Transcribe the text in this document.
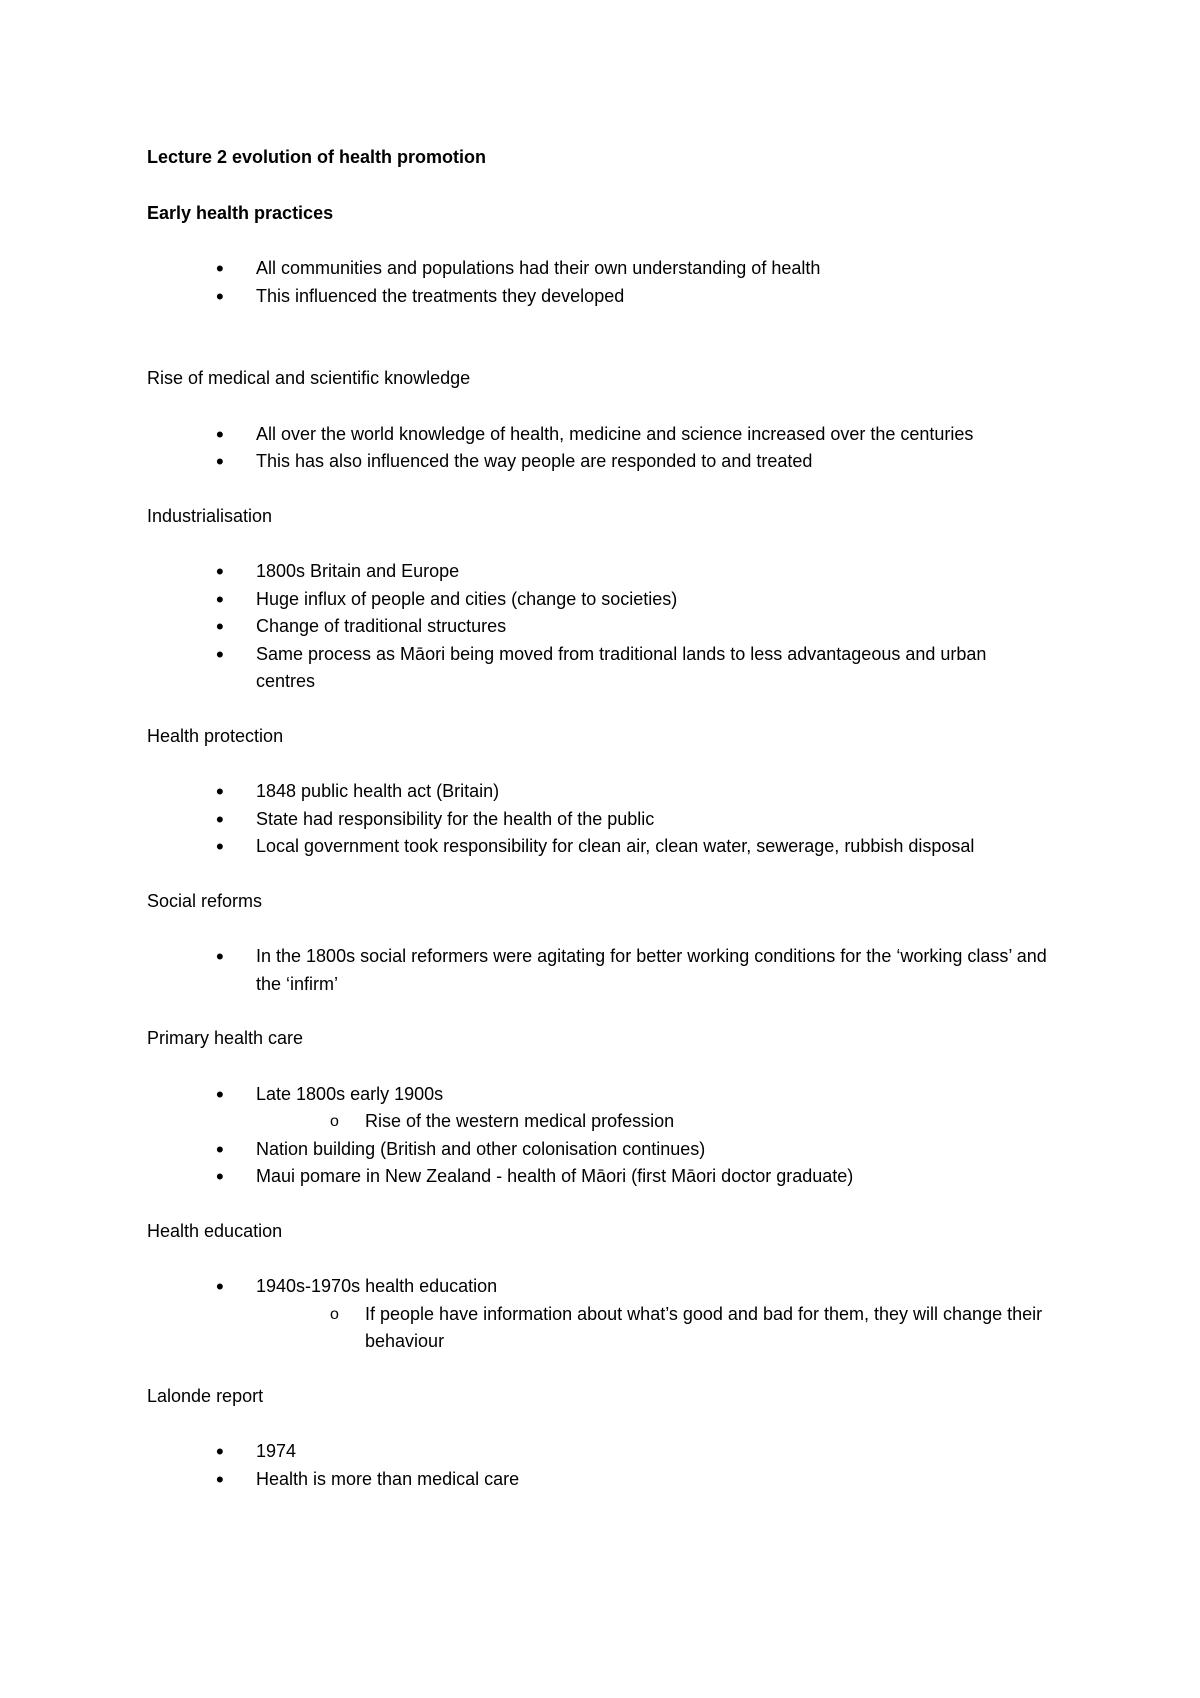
Lecture 2 evolution of health promotion

Early health practices

• All communities and populations had their own understanding of health
• This influenced the treatments they developed

Rise of medical and scientific knowledge

• All over the world knowledge of health, medicine and science increased over the centuries
• This has also influenced the way people are responded to and treated

Industrialisation

• 1800s Britain and Europe
• Huge influx of people and cities (change to societies)
• Change of traditional structures
• Same process as Māori being moved from traditional lands to less advantageous and urban centres

Health protection

• 1848 public health act (Britain)
• State had responsibility for the health of the public
• Local government took responsibility for clean air, clean water, sewerage, rubbish disposal

Social reforms

• In the 1800s social reformers were agitating for better working conditions for the ‘working class’ and the ‘infirm’

Primary health care

• Late 1800s early 1900s
o Rise of the western medical profession
• Nation building (British and other colonisation continues)
• Maui pomare in New Zealand - health of Māori (first Māori doctor graduate)

Health education

• 1940s-1970s health education
o If people have information about what’s good and bad for them, they will change their behaviour

Lalonde report

• 1974
• Health is more than medical care
